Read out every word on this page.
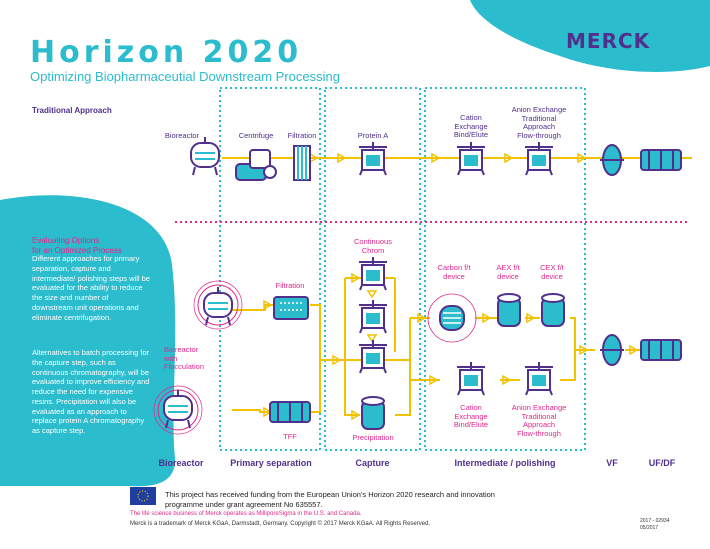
Horizon 2020
Optimizing Biopharmaceutial Downstream Processing
MERCK
Traditional Approach
Bioreactor	Centrifuge	Filtration	Protein A
Cation
Exchange
Bind/Elute
Anion Exchange
Traditional
Approach
Flow-through
Evaluating Options
for an Optimized Process
Different approaches for primary separation, capture and intermediate/ polishing steps will be evaluated for the ability to reduce the size and number of downstream unit operations and eliminate centrifugation.
Alternatives to batch processing for the capture step, such as continuous chromatography, will be evaluated to improve efficiency and reduce the need for expensive resins. Precipitation will also be evaluated as an approach to replace protein A chromatography as capture step.
Filtration
Bioreactor
with
Flocculation
TFF
Continuous
Chrom
Precipitation
Carbon f/t
device
AEX f/t
device
CEX f/t
device
Cation
Exchange
Bind/Elute
Anion Exchange
Traditional
Approach
Flow-through
Bioreactor	Primary separation	Capture	Intermediate / polishing	VF	UF/DF
This project has received funding from the European Union's Horizon 2020 research and innovation programme under grant agreement No 635557.
The life science business of Merck operates as MilliporeSigma in the U.S. and Canada.
Merck is a trademark of Merck KGaA, Darmstadt, Germany. Copyright © 2017 Merck KGaA. All Rights Reserved.	2017 - 02934
05/2017
